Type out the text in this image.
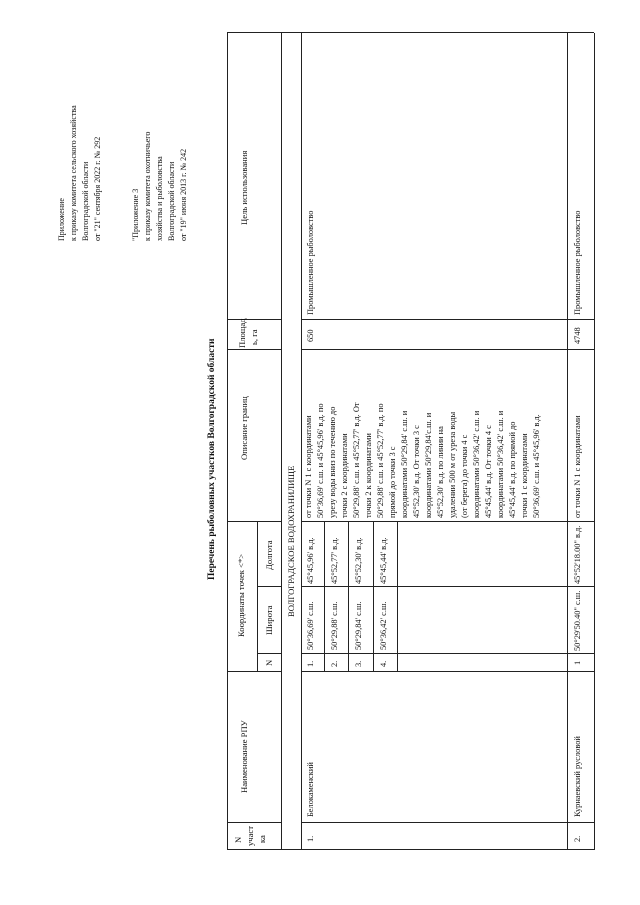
Приложение к приказу комитета сельского хозяйства Волгоградской области от "21" сентября 2022 г. № 292	"Приложение 3 к приказу комитета охотничьего хозяйства и рыболовства Волгоградской области от "19" июня 2013 г. № 242
Перечень рыболовных участков Волгоградской области
N участ ка
Наименование РПУ
Координаты точек <*>
N
Широта
Долгота
Описание границ
Площад ь, га
Цель использования
ВОЛГОГРАДСКОЕ ВОДОХРАНИЛИЩЕ
1.
Белокаменский
1.
50°36,69' с.ш.
45°45,96' в.д.
2.
50°29,88' с.ш.
45°52,77' в.д.
3.
50°29,84' с.ш.
45°52,30' в.д.
4.
50°36,42' с.ш.
45°45,44' в.д.
от точки N 1 с координатами 50°36,69' с.ш. и 45°45,96' в.д. по урезу воды вниз по течению до точки 2 с координатами 50°29,88' с.ш. и 45°52,77' в.д. От точки 2 к координатами 50°29,88' с.ш. и 45°52,77' в.д. по прямой до точки 3 с координатами 50°29,84' с.ш. и 45°52,30' в.д. От точки 3 с координатами 50°29,84'с.ш. и 45°52,30' в.д. по линии на удалении 500 м от уреза воды (от берега) до точки 4 с координатами 50°36,42' с.ш. и 45°45,44' в.д. От точки 4 с координатами 50°36,42' с.ш. и 45°45,44' в.д. по прямой до точки 1 с координатами 50°36,69' с.ш. и 45°45,96' в.д.
650
Промышленное рыболовство
2.
Курнаевский русловой
1
50°29'50.40" с.ш.
45°52'18.00" в.д.
от точки N 1 с координатами
4748
Промышленное рыболовство
